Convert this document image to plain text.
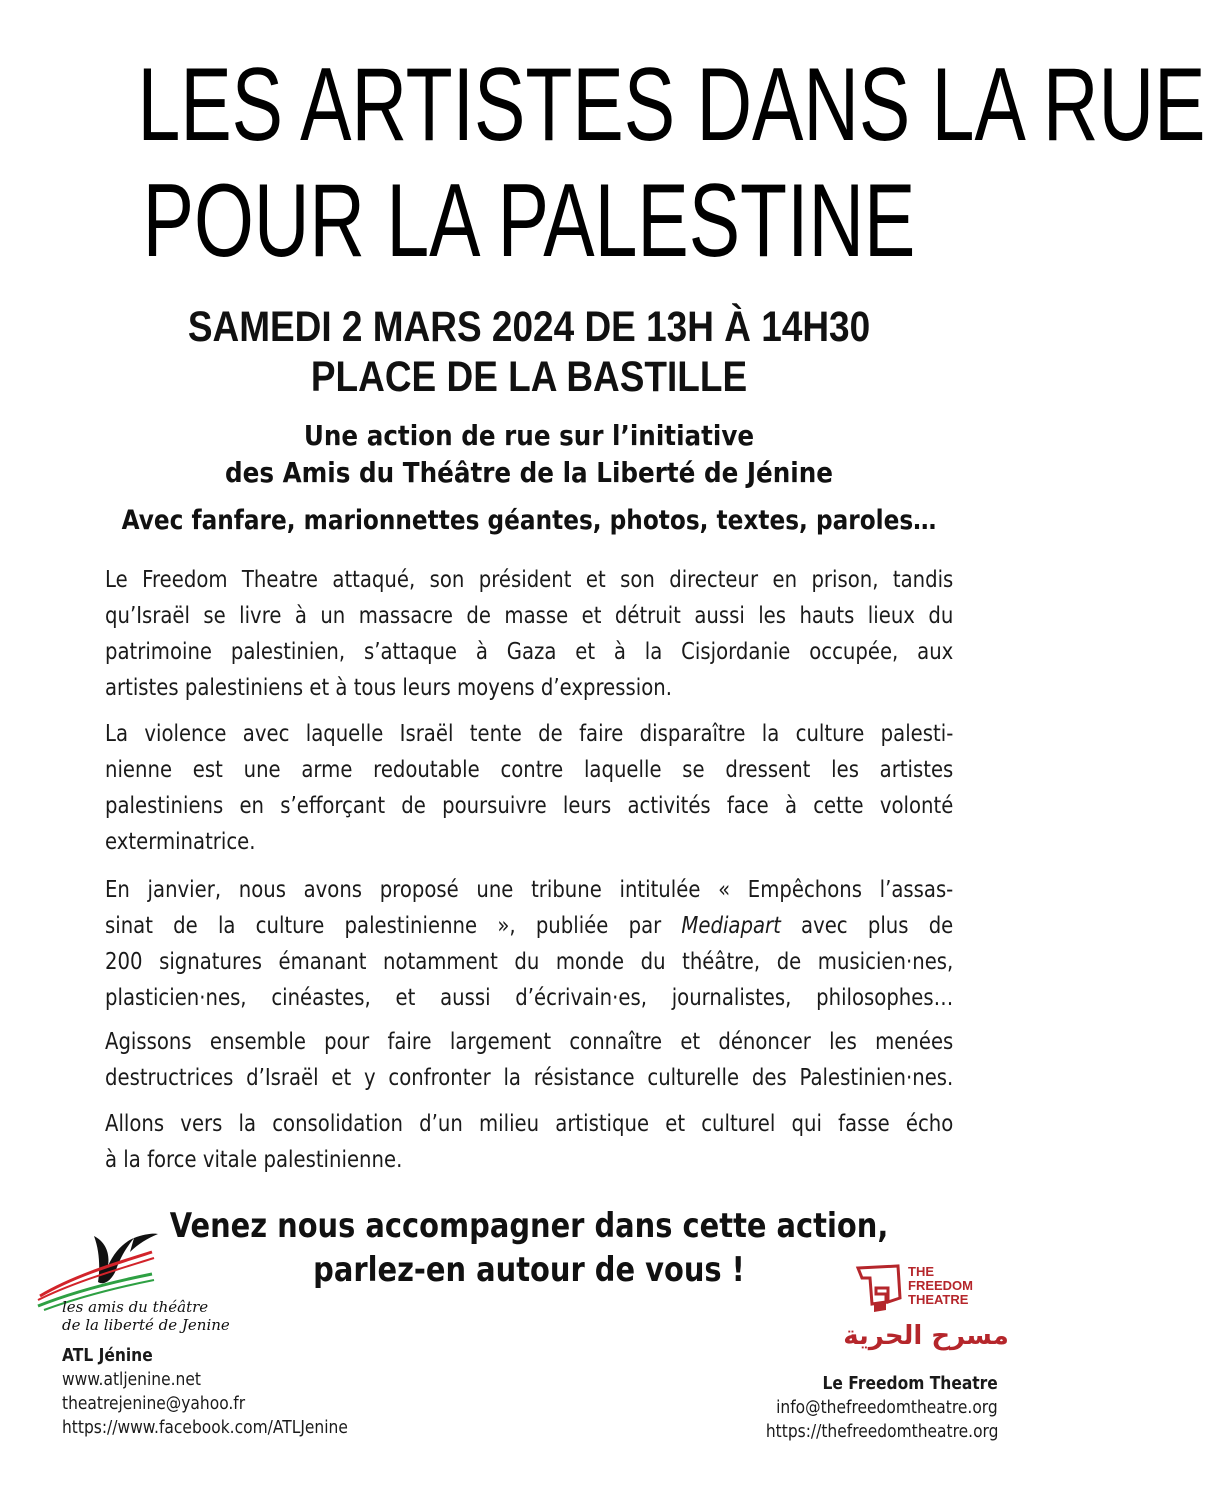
LES ARTISTES DANS LA RUE
POUR LA PALESTINE
SAMEDI 2 MARS 2024 DE 13H À 14H30
PLACE DE LA BASTILLE
Une action de rue sur l’initiative
des Amis du Théâtre de la Liberté de Jénine
Avec fanfare, marionnettes géantes, photos, textes, paroles…
Le Freedom Theatre attaqué, son président et son directeur en prison, tandis
qu’Israël se livre à un massacre de masse et détruit aussi les hauts lieux du
patrimoine palestinien, s’attaque à Gaza et à la Cisjordanie occupée, aux
artistes palestiniens et à tous leurs moyens d’expression.
La violence avec laquelle Israël tente de faire disparaître la culture palesti-
nienne est une arme redoutable contre laquelle se dressent les artistes
palestiniens en s’efforçant de poursuivre leurs activités face à cette volonté
exterminatrice.
En janvier, nous avons proposé une tribune intitulée « Empêchons l’assas-
sinat de la culture palestinienne », publiée par Mediapart avec plus de
200 signatures émanant notamment du monde du théâtre, de musicien·nes,
plasticien·nes, cinéastes, et aussi d’écrivain·es, journalistes, philosophes…
Agissons ensemble pour faire largement connaître et dénoncer les menées
destructrices d’Israël et y confronter la résistance culturelle des Palestinien·nes.
Allons vers la consolidation d’un milieu artistique et culturel qui fasse écho
à la force vitale palestinienne.
Venez nous accompagner dans cette action,
parlez-en autour de vous !
les amis du théâtre
de la liberté de Jenine
THE
FREEDOM
THEATRE
مسرح الحرية
ATL Jénine
www.atljenine.net
theatrejenine@yahoo.fr
https://www.facebook.com/ATLJenine
Le Freedom Theatre
info@thefreedomtheatre.org
https://thefreedomtheatre.org
